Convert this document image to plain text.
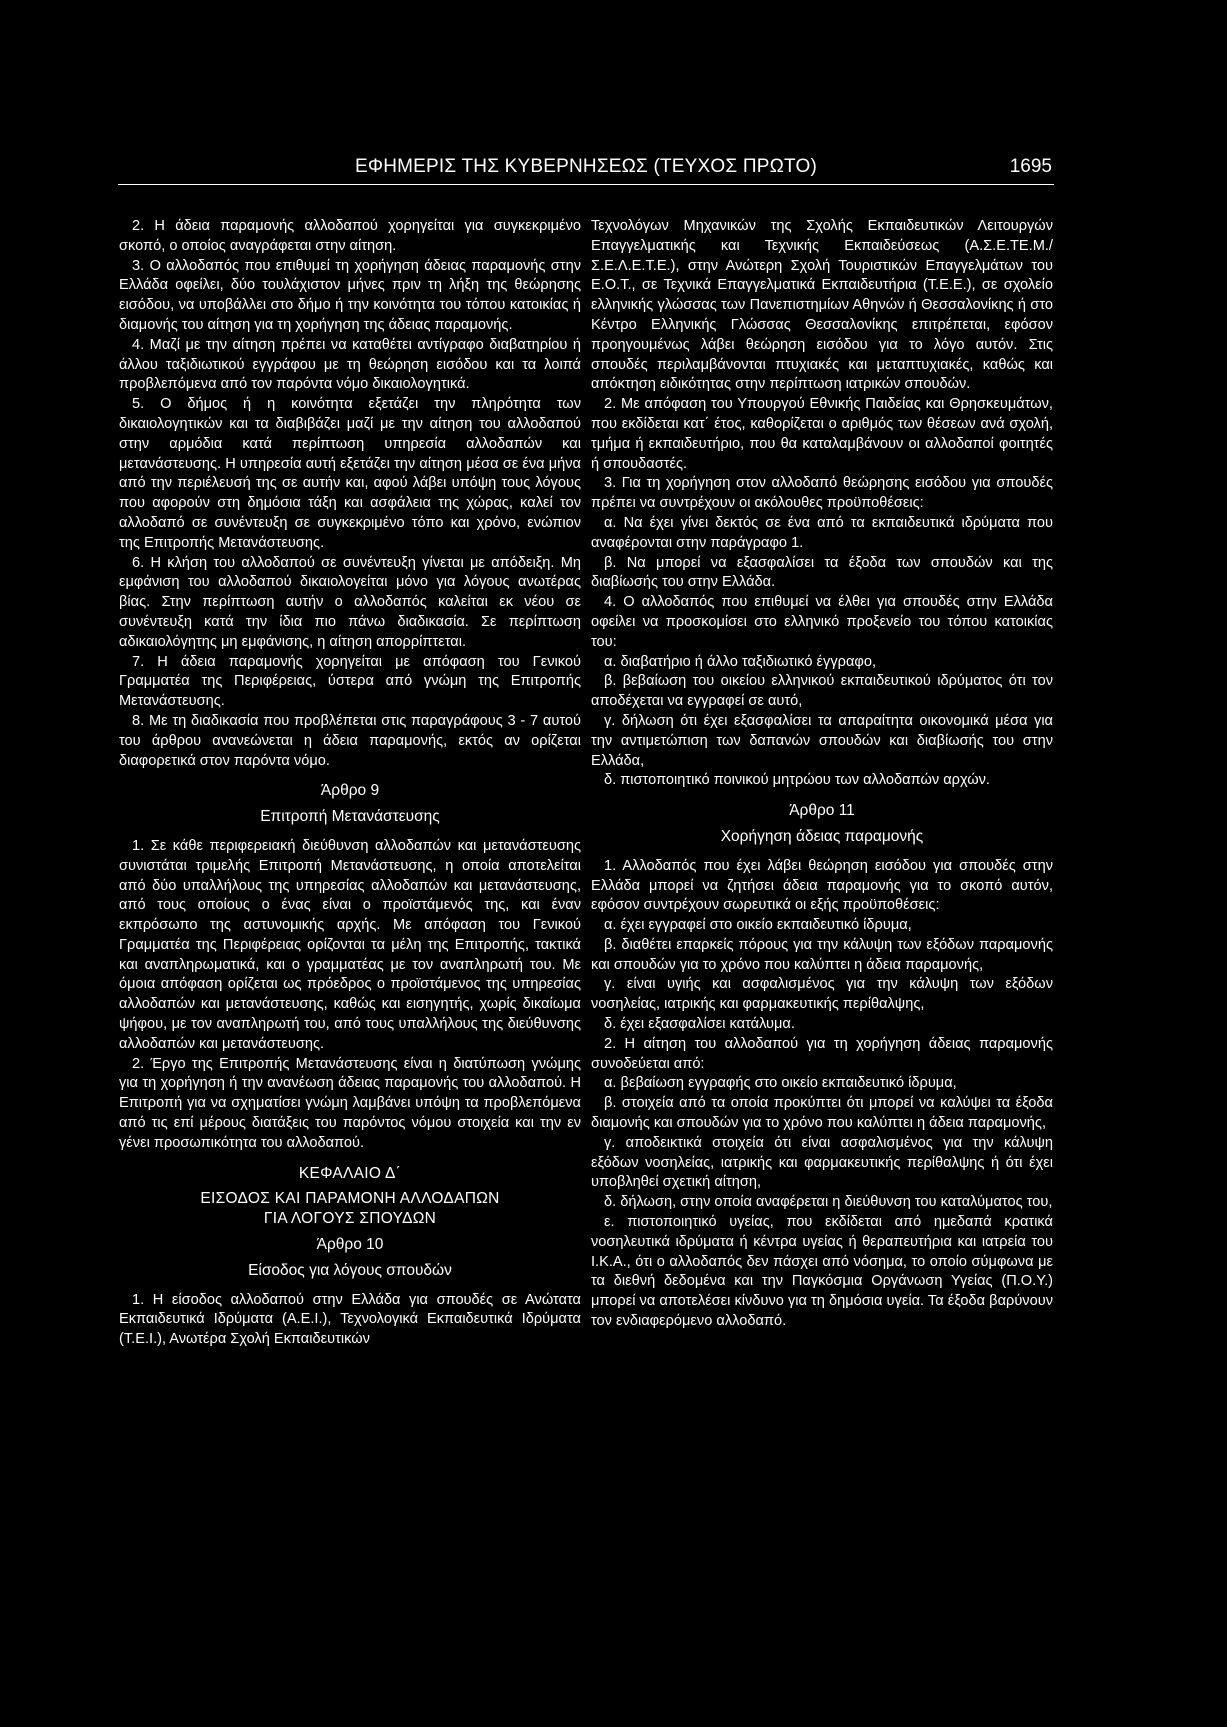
ΕΦΗΜΕΡΙΣ ΤΗΣ ΚΥΒΕΡΝΗΣΕΩΣ (ΤΕΥΧΟΣ ΠΡΩΤΟ)	1695

2. Η άδεια παραμονής αλλοδαπού χορηγείται για συγκεκριμένο σκοπό, ο οποίος αναγράφεται στην αίτηση.

3. Ο αλλοδαπός που επιθυμεί τη χορήγηση άδειας παραμονής στην Ελλάδα οφείλει, δύο τουλάχιστον μήνες πριν τη λήξη της θεώρησης εισόδου, να υποβάλλει στο δήμο ή την κοινότητα του τόπου κατοικίας ή διαμονής του αίτηση για τη χορήγηση της άδειας παραμονής.

4. Μαζί με την αίτηση πρέπει να καταθέτει αντίγραφο διαβατηρίου ή άλλου ταξιδιωτικού εγγράφου με τη θεώρηση εισόδου και τα λοιπά προβλεπόμενα από τον παρόντα νόμο δικαιολογητικά.

5. Ο δήμος ή η κοινότητα εξετάζει την πληρότητα των δικαιολογητικών και τα διαβιβάζει μαζί με την αίτηση του αλλοδαπού στην αρμόδια κατά περίπτωση υπηρεσία αλλοδαπών και μετανάστευσης. Η υπηρεσία αυτή εξετάζει την αίτηση μέσα σε ένα μήνα από την περιέλευσή της σε αυτήν και, αφού λάβει υπόψη τους λόγους που αφορούν στη δημόσια τάξη και ασφάλεια της χώρας, καλεί τον αλλοδαπό σε συνέντευξη σε συγκεκριμένο τόπο και χρόνο, ενώπιον της Επιτροπής Μετανάστευσης.

6. Η κλήση του αλλοδαπού σε συνέντευξη γίνεται με απόδειξη. Μη εμφάνιση του αλλοδαπού δικαιολογείται μόνο για λόγους ανωτέρας βίας. Στην περίπτωση αυτήν ο αλλοδαπός καλείται εκ νέου σε συνέντευξη κατά την ίδια πιο πάνω διαδικασία. Σε περίπτωση αδικαιολόγητης μη εμφάνισης, η αίτηση απορρίπτεται.

7. Η άδεια παραμονής χορηγείται με απόφαση του Γενικού Γραμματέα της Περιφέρειας, ύστερα από γνώμη της Επιτροπής Μετανάστευσης.

8. Με τη διαδικασία που προβλέπεται στις παραγράφους 3 - 7 αυτού του άρθρου ανανεώνεται η άδεια παραμονής, εκτός αν ορίζεται διαφορετικά στον παρόντα νόμο.

Άρθρο 9
Επιτροπή Μετανάστευσης

1. Σε κάθε περιφερειακή διεύθυνση αλλοδαπών και μετανάστευσης συνιστάται τριμελής Επιτροπή Μετανάστευσης, η οποία αποτελείται από δύο υπαλλήλους της υπηρεσίας αλλοδαπών και μετανάστευσης, από τους οποίους ο ένας είναι ο προϊστάμενός της, και έναν εκπρόσωπο της αστυνομικής αρχής. Με απόφαση του Γενικού Γραμματέα της Περιφέρειας ορίζονται τα μέλη της Επιτροπής, τακτικά και αναπληρωματικά, και ο γραμματέας με τον αναπληρωτή του. Με όμοια απόφαση ορίζεται ως πρόεδρος ο προϊστάμενος της υπηρεσίας αλλοδαπών και μετανάστευσης, καθώς και εισηγητής, χωρίς δικαίωμα ψήφου, με τον αναπληρωτή του, από τους υπαλλήλους της διεύθυνσης αλλοδαπών και μετανάστευσης.

2. Έργο της Επιτροπής Μετανάστευσης είναι η διατύπωση γνώμης για τη χορήγηση ή την ανανέωση άδειας παραμονής του αλλοδαπού. Η Επιτροπή για να σχηματίσει γνώμη λαμβάνει υπόψη τα προβλεπόμενα από τις επί μέρους διατάξεις του παρόντος νόμου στοιχεία και την εν γένει προσωπικότητα του αλλοδαπού.

ΚΕΦΑΛΑΙΟ Δ΄
ΕΙΣΟΔΟΣ ΚΑΙ ΠΑΡΑΜΟΝΗ ΑΛΛΟΔΑΠΩΝ
ΓΙΑ ΛΟΓΟΥΣ ΣΠΟΥΔΩΝ
Άρθρο 10
Είσοδος για λόγους σπουδών

1. Η είσοδος αλλοδαπού στην Ελλάδα για σπουδές σε Ανώτατα Εκπαιδευτικά Ιδρύματα (Α.Ε.Ι.), Τεχνολογικά Εκπαιδευτικά Ιδρύματα (Τ.Ε.Ι.), Ανωτέρα Σχολή Εκπαιδευτικών

Τεχνολόγων Μηχανικών της Σχολής Εκπαιδευτικών Λειτουργών Επαγγελματικής και Τεχνικής Εκπαιδεύσεως (Α.Σ.Ε.ΤΕ.Μ./Σ.Ε.Λ.Ε.Τ.Ε.), στην Ανώτερη Σχολή Τουριστικών Επαγγελμάτων του Ε.Ο.Τ., σε Τεχνικά Επαγγελματικά Εκπαιδευτήρια (Τ.Ε.Ε.), σε σχολείο ελληνικής γλώσσας των Πανεπιστημίων Αθηνών ή Θεσσαλονίκης ή στο Κέντρο Ελληνικής Γλώσσας Θεσσαλονίκης επιτρέπεται, εφόσον προηγουμένως λάβει θεώρηση εισόδου για το λόγο αυτόν. Στις σπουδές περιλαμβάνονται πτυχιακές και μεταπτυχιακές, καθώς και απόκτηση ειδικότητας στην περίπτωση ιατρικών σπουδών.

2. Με απόφαση του Υπουργού Εθνικής Παιδείας και Θρησκευμάτων, που εκδίδεται κατ΄ έτος, καθορίζεται ο αριθμός των θέσεων ανά σχολή, τμήμα ή εκπαιδευτήριο, που θα καταλαμβάνουν οι αλλοδαποί φοιτητές ή σπουδαστές.

3. Για τη χορήγηση στον αλλοδαπό θεώρησης εισόδου για σπουδές πρέπει να συντρέχουν οι ακόλουθες προϋποθέσεις:

α. Να έχει γίνει δεκτός σε ένα από τα εκπαιδευτικά ιδρύματα που αναφέρονται στην παράγραφο 1.

β. Να μπορεί να εξασφαλίσει τα έξοδα των σπουδών και της διαβίωσής του στην Ελλάδα.

4. Ο αλλοδαπός που επιθυμεί να έλθει για σπουδές στην Ελλάδα οφείλει να προσκομίσει στο ελληνικό προξενείο του τόπου κατοικίας του:

α. διαβατήριο ή άλλο ταξιδιωτικό έγγραφο,

β. βεβαίωση του οικείου ελληνικού εκπαιδευτικού ιδρύματος ότι τον αποδέχεται να εγγραφεί σε αυτό,

γ. δήλωση ότι έχει εξασφαλίσει τα απαραίτητα οικονομικά μέσα για την αντιμετώπιση των δαπανών σπουδών και διαβίωσής του στην Ελλάδα,

δ. πιστοποιητικό ποινικού μητρώου των αλλοδαπών αρχών.

Άρθρο 11
Χορήγηση άδειας παραμονής

1. Αλλοδαπός που έχει λάβει θεώρηση εισόδου για σπουδές στην Ελλάδα μπορεί να ζητήσει άδεια παραμονής για το σκοπό αυτόν, εφόσον συντρέχουν σωρευτικά οι εξής προϋποθέσεις:

α. έχει εγγραφεί στο οικείο εκπαιδευτικό ίδρυμα,

β. διαθέτει επαρκείς πόρους για την κάλυψη των εξόδων παραμονής και σπουδών για το χρόνο που καλύπτει η άδεια παραμονής,

γ. είναι υγιής και ασφαλισμένος για την κάλυψη των εξόδων νοσηλείας, ιατρικής και φαρμακευτικής περίθαλψης,

δ. έχει εξασφαλίσει κατάλυμα.

2. Η αίτηση του αλλοδαπού για τη χορήγηση άδειας παραμονής συνοδεύεται από:

α. βεβαίωση εγγραφής στο οικείο εκπαιδευτικό ίδρυμα,

β. στοιχεία από τα οποία προκύπτει ότι μπορεί να καλύψει τα έξοδα διαμονής και σπουδών για το χρόνο που καλύπτει η άδεια παραμονής,

γ. αποδεικτικά στοιχεία ότι είναι ασφαλισμένος για την κάλυψη εξόδων νοσηλείας, ιατρικής και φαρμακευτικής περίθαλψης ή ότι έχει υποβληθεί σχετική αίτηση,

δ. δήλωση, στην οποία αναφέρεται η διεύθυνση του καταλύματος του,

ε. πιστοποιητικό υγείας, που εκδίδεται από ημεδαπά κρατικά νοσηλευτικά ιδρύματα ή κέντρα υγείας ή θεραπευτήρια και ιατρεία του Ι.Κ.Α., ότι ο αλλοδαπός δεν πάσχει από νόσημα, το οποίο σύμφωνα με τα διεθνή δεδομένα και την Παγκόσμια Οργάνωση Υγείας (Π.Ο.Υ.) μπορεί να αποτελέσει κίνδυνο για τη δημόσια υγεία. Τα έξοδα βαρύνουν τον ενδιαφερόμενο αλλοδαπό.
